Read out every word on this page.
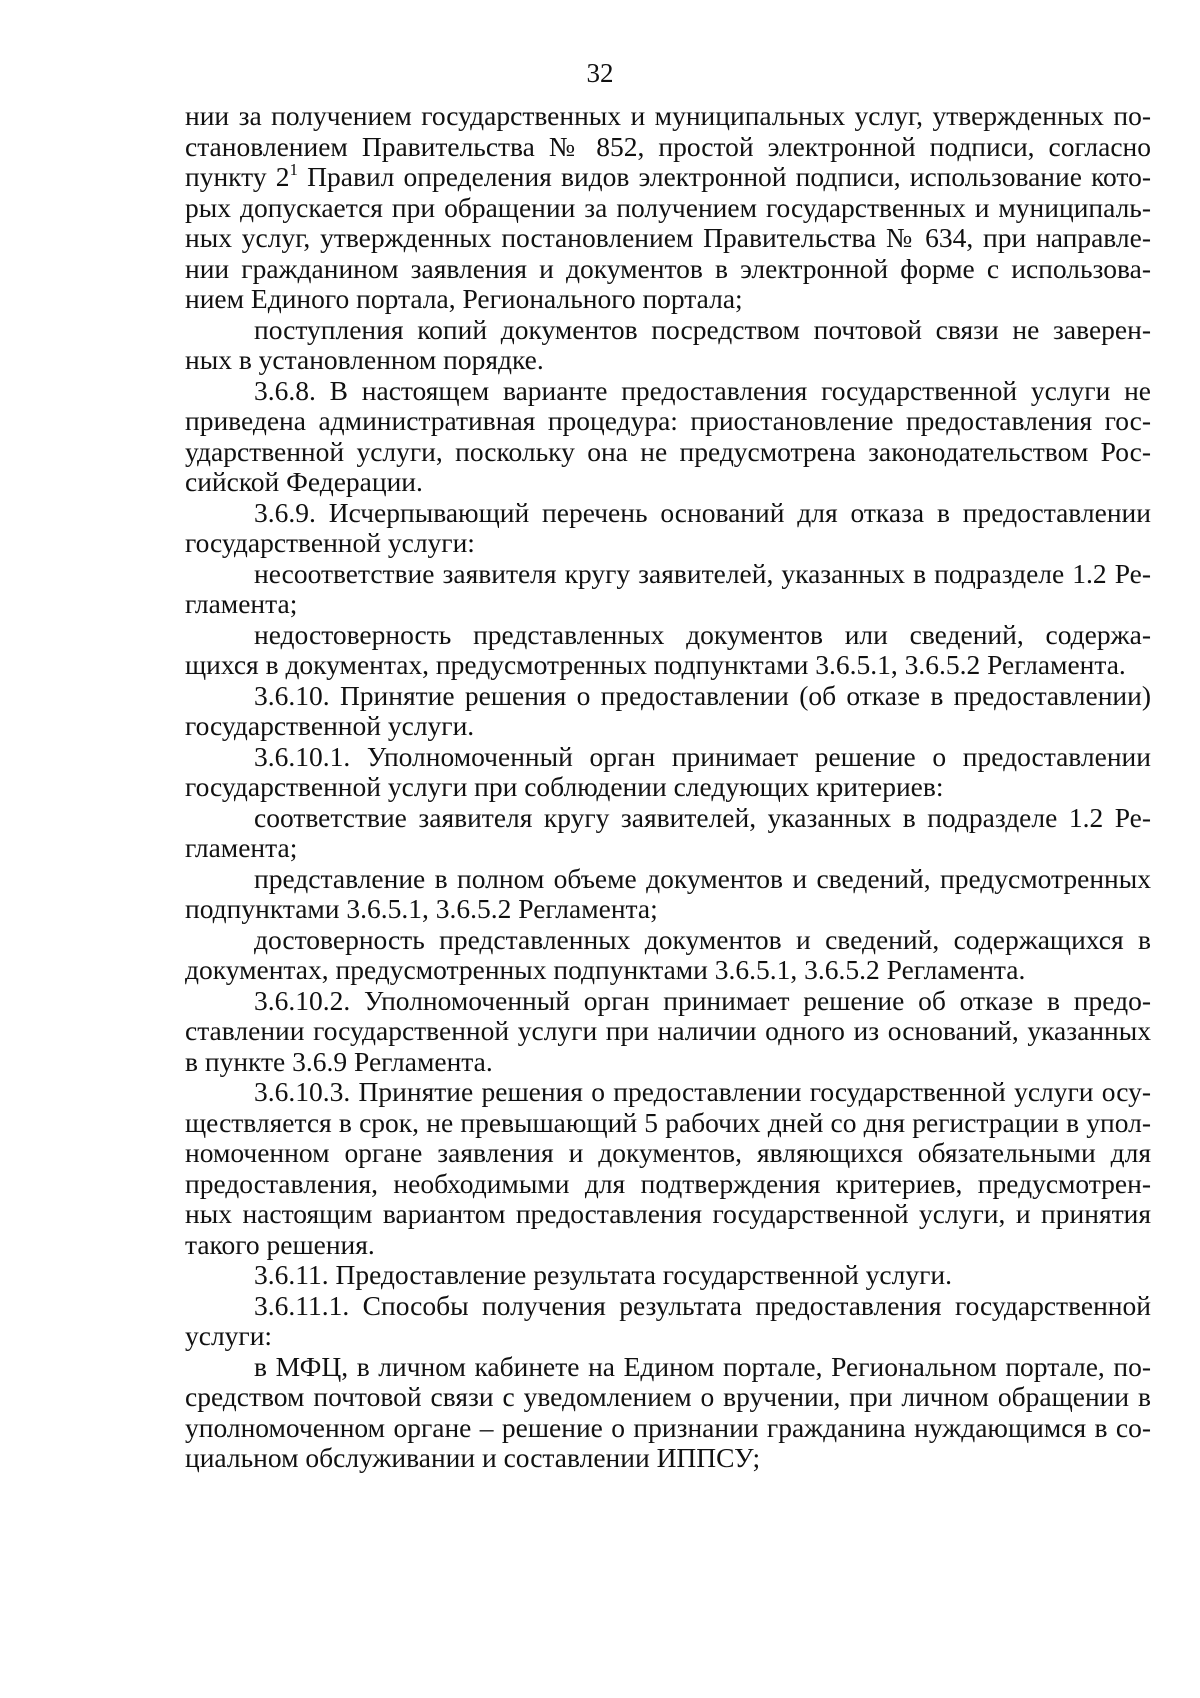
32
нии за получением государственных и муниципальных услуг, утвержденных по-
становлением Правительства № 852, простой электронной подписи, согласно
пункту 2$^1$ Правил определения видов электронной подписи, использование кото-
рых допускается при обращении за получением государственных и муниципаль-
ных услуг, утвержденных постановлением Правительства № 634, при направле-
нии гражданином заявления и документов в электронной форме с использова-
нием Единого портала, Регионального портала;
поступления копий документов посредством почтовой связи не заверен-
ных в установленном порядке.
3.6.8. В настоящем варианте предоставления государственной услуги не
приведена административная процедура: приостановление предоставления гос-
ударственной услуги, поскольку она не предусмотрена законодательством Рос-
сийской Федерации.
3.6.9. Исчерпывающий перечень оснований для отказа в предоставлении
государственной услуги:
несоответствие заявителя кругу заявителей, указанных в подразделе 1.2 Ре-
гламента;
недостоверность представленных документов или сведений, содержа-
щихся в документах, предусмотренных подпунктами 3.6.5.1, 3.6.5.2 Регламента.
3.6.10. Принятие решения о предоставлении (об отказе в предоставлении)
государственной услуги.
3.6.10.1. Уполномоченный орган принимает решение о предоставлении
государственной услуги при соблюдении следующих критериев:
соответствие заявителя кругу заявителей, указанных в подразделе 1.2 Ре-
гламента;
представление в полном объеме документов и сведений, предусмотренных
подпунктами 3.6.5.1, 3.6.5.2 Регламента;
достоверность представленных документов и сведений, содержащихся в
документах, предусмотренных подпунктами 3.6.5.1, 3.6.5.2 Регламента.
3.6.10.2. Уполномоченный орган принимает решение об отказе в предо-
ставлении государственной услуги при наличии одного из оснований, указанных
в пункте 3.6.9 Регламента.
3.6.10.3. Принятие решения о предоставлении государственной услуги осу-
ществляется в срок, не превышающий 5 рабочих дней со дня регистрации в упол-
номоченном органе заявления и документов, являющихся обязательными для
предоставления, необходимыми для подтверждения критериев, предусмотрен-
ных настоящим вариантом предоставления государственной услуги, и принятия
такого решения.
3.6.11. Предоставление результата государственной услуги.
3.6.11.1. Способы получения результата предоставления государственной
услуги:
в МФЦ, в личном кабинете на Едином портале, Региональном портале, по-
средством почтовой связи с уведомлением о вручении, при личном обращении в
уполномоченном органе – решение о признании гражданина нуждающимся в со-
циальном обслуживании и составлении ИППСУ;
